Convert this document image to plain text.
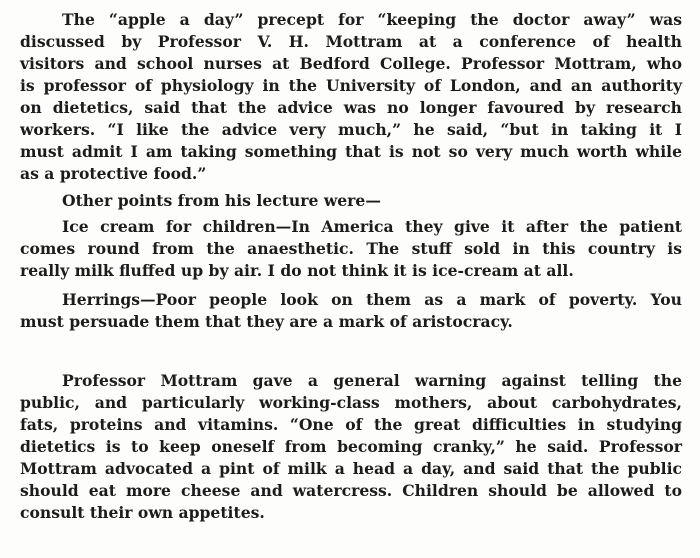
The “apple a day” precept for “keeping the doctor away” was
discussed by Professor V. H. Mottram at a conference of health
visitors and school nurses at Bedford College. Professor Mottram, who
is professor of physiology in the University of London, and an authority
on dietetics, said that the advice was no longer favoured by research
workers. “I like the advice very much,” he said, “but in taking it I
must admit I am taking something that is not so very much worth while
as a protective food.”
Other points from his lecture were—
Ice cream for children—In America they give it after the patient
comes round from the anaesthetic. The stuff sold in this country is
really milk fluffed up by air. I do not think it is ice-cream at all.
Herrings—Poor people look on them as a mark of poverty. You
must persuade them that they are a mark of aristocracy.
Professor Mottram gave a general warning against telling the
public, and particularly working-class mothers, about carbohydrates,
fats, proteins and vitamins. “One of the great difficulties in studying
dietetics is to keep oneself from becoming cranky,” he said. Professor
Mottram advocated a pint of milk a head a day, and said that the public
should eat more cheese and watercress. Children should be allowed to
consult their own appetites.
